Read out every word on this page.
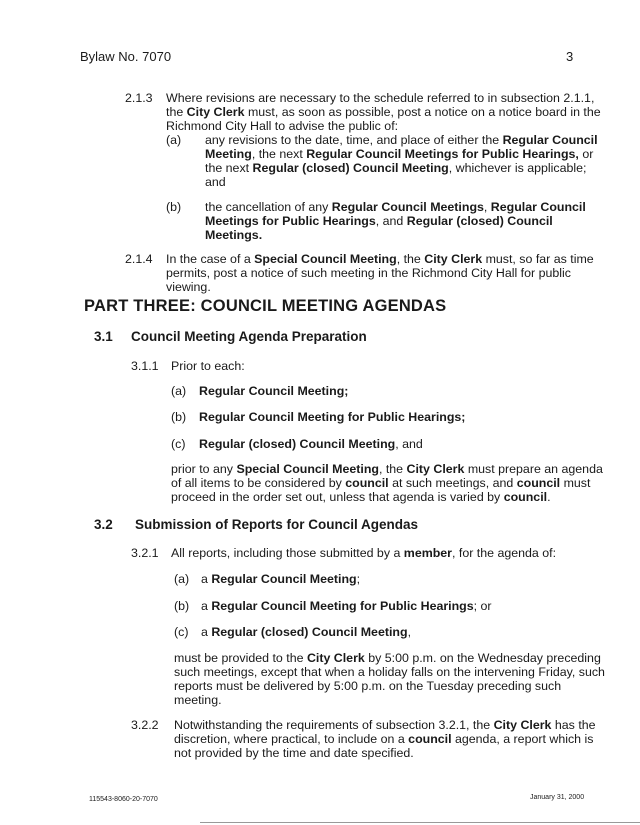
Bylaw No. 7070	3
2.1.3 Where revisions are necessary to the schedule referred to in subsection 2.1.1,
the City Clerk must, as soon as possible, post a notice on a notice board in the
Richmond City Hall to advise the public of:
(a) any revisions to the date, time, and place of either the Regular Council
Meeting, the next Regular Council Meetings for Public Hearings, or
the next Regular (closed) Council Meeting, whichever is applicable;
and
(b) the cancellation of any Regular Council Meetings, Regular Council
Meetings for Public Hearings, and Regular (closed) Council
Meetings.
2.1.4 In the case of a Special Council Meeting, the City Clerk must, so far as time
permits, post a notice of such meeting in the Richmond City Hall for public
viewing.
PART THREE: COUNCIL MEETING AGENDAS
3.1 Council Meeting Agenda Preparation
3.1.1 Prior to each:
(a) Regular Council Meeting;
(b) Regular Council Meeting for Public Hearings;
(c) Regular (closed) Council Meeting, and
prior to any Special Council Meeting, the City Clerk must prepare an agenda
of all items to be considered by council at such meetings, and council must
proceed in the order set out, unless that agenda is varied by council.
3.2 Submission of Reports for Council Agendas
3.2.1 All reports, including those submitted by a member, for the agenda of:
(a) a Regular Council Meeting;
(b) a Regular Council Meeting for Public Hearings; or
(c) a Regular (closed) Council Meeting,
must be provided to the City Clerk by 5:00 p.m. on the Wednesday preceding
such meetings, except that when a holiday falls on the intervening Friday, such
reports must be delivered by 5:00 p.m. on the Tuesday preceding such
meeting.
3.2.2 Notwithstanding the requirements of subsection 3.2.1, the City Clerk has the
discretion, where practical, to include on a council agenda, a report which is
not provided by the time and date specified.
115543-8060-20-7070	January 31, 2000
